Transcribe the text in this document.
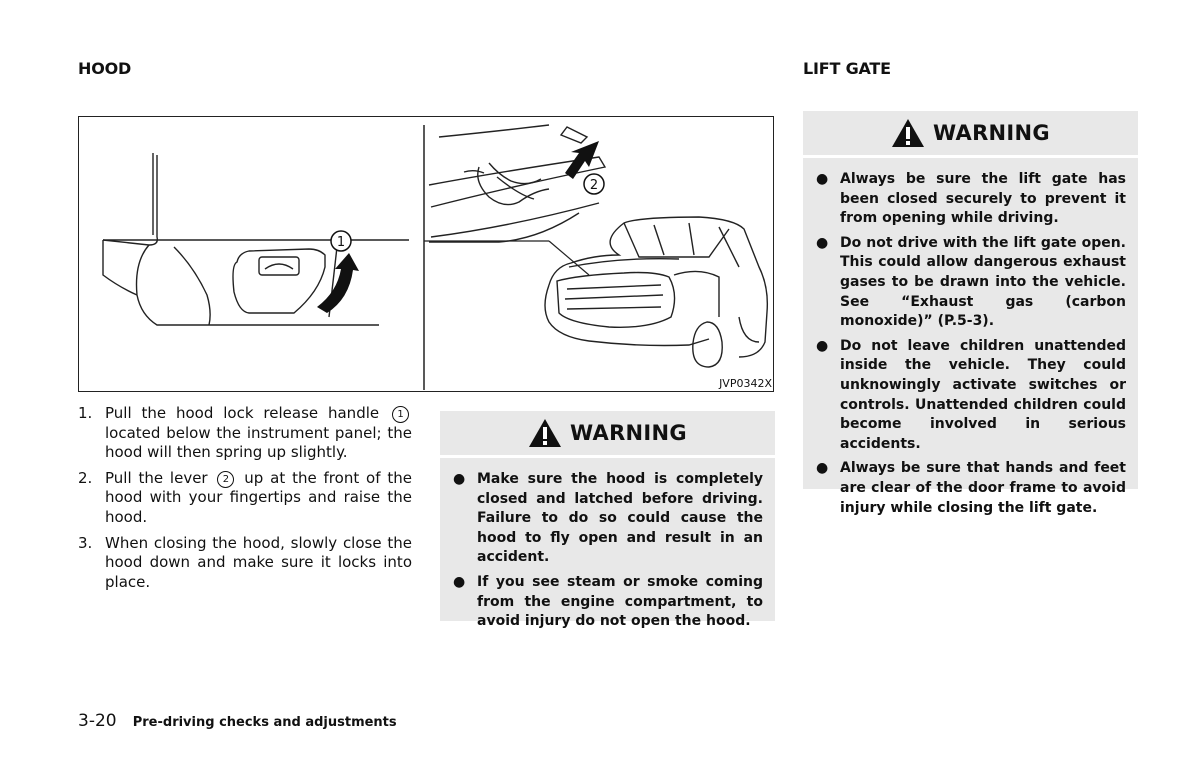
HOOD	LIFT GATE
1
2
JVP0342X
1. Pull the hood lock release handle 1 located below the instrument panel; the hood will then spring up slightly.
2. Pull the lever 2 up at the front of the hood with your fingertips and raise the hood.
3. When closing the hood, slowly close the hood down and make sure it locks into place.
WARNING
● Make sure the hood is completely closed and latched before driving. Failure to do so could cause the hood to fly open and result in an accident.
● If you see steam or smoke coming from the engine compartment, to avoid injury do not open the hood.
WARNING
● Always be sure the lift gate has been closed securely to prevent it from opening while driving.
● Do not drive with the lift gate open. This could allow dangerous exhaust gases to be drawn into the vehicle. See “Exhaust gas (carbon monoxide)” (P.5-3).
● Do not leave children unattended inside the vehicle. They could unknowingly activate switches or controls. Unattended children could become involved in serious accidents.
● Always be sure that hands and feet are clear of the door frame to avoid injury while closing the lift gate.
3-20 Pre-driving checks and adjustments
